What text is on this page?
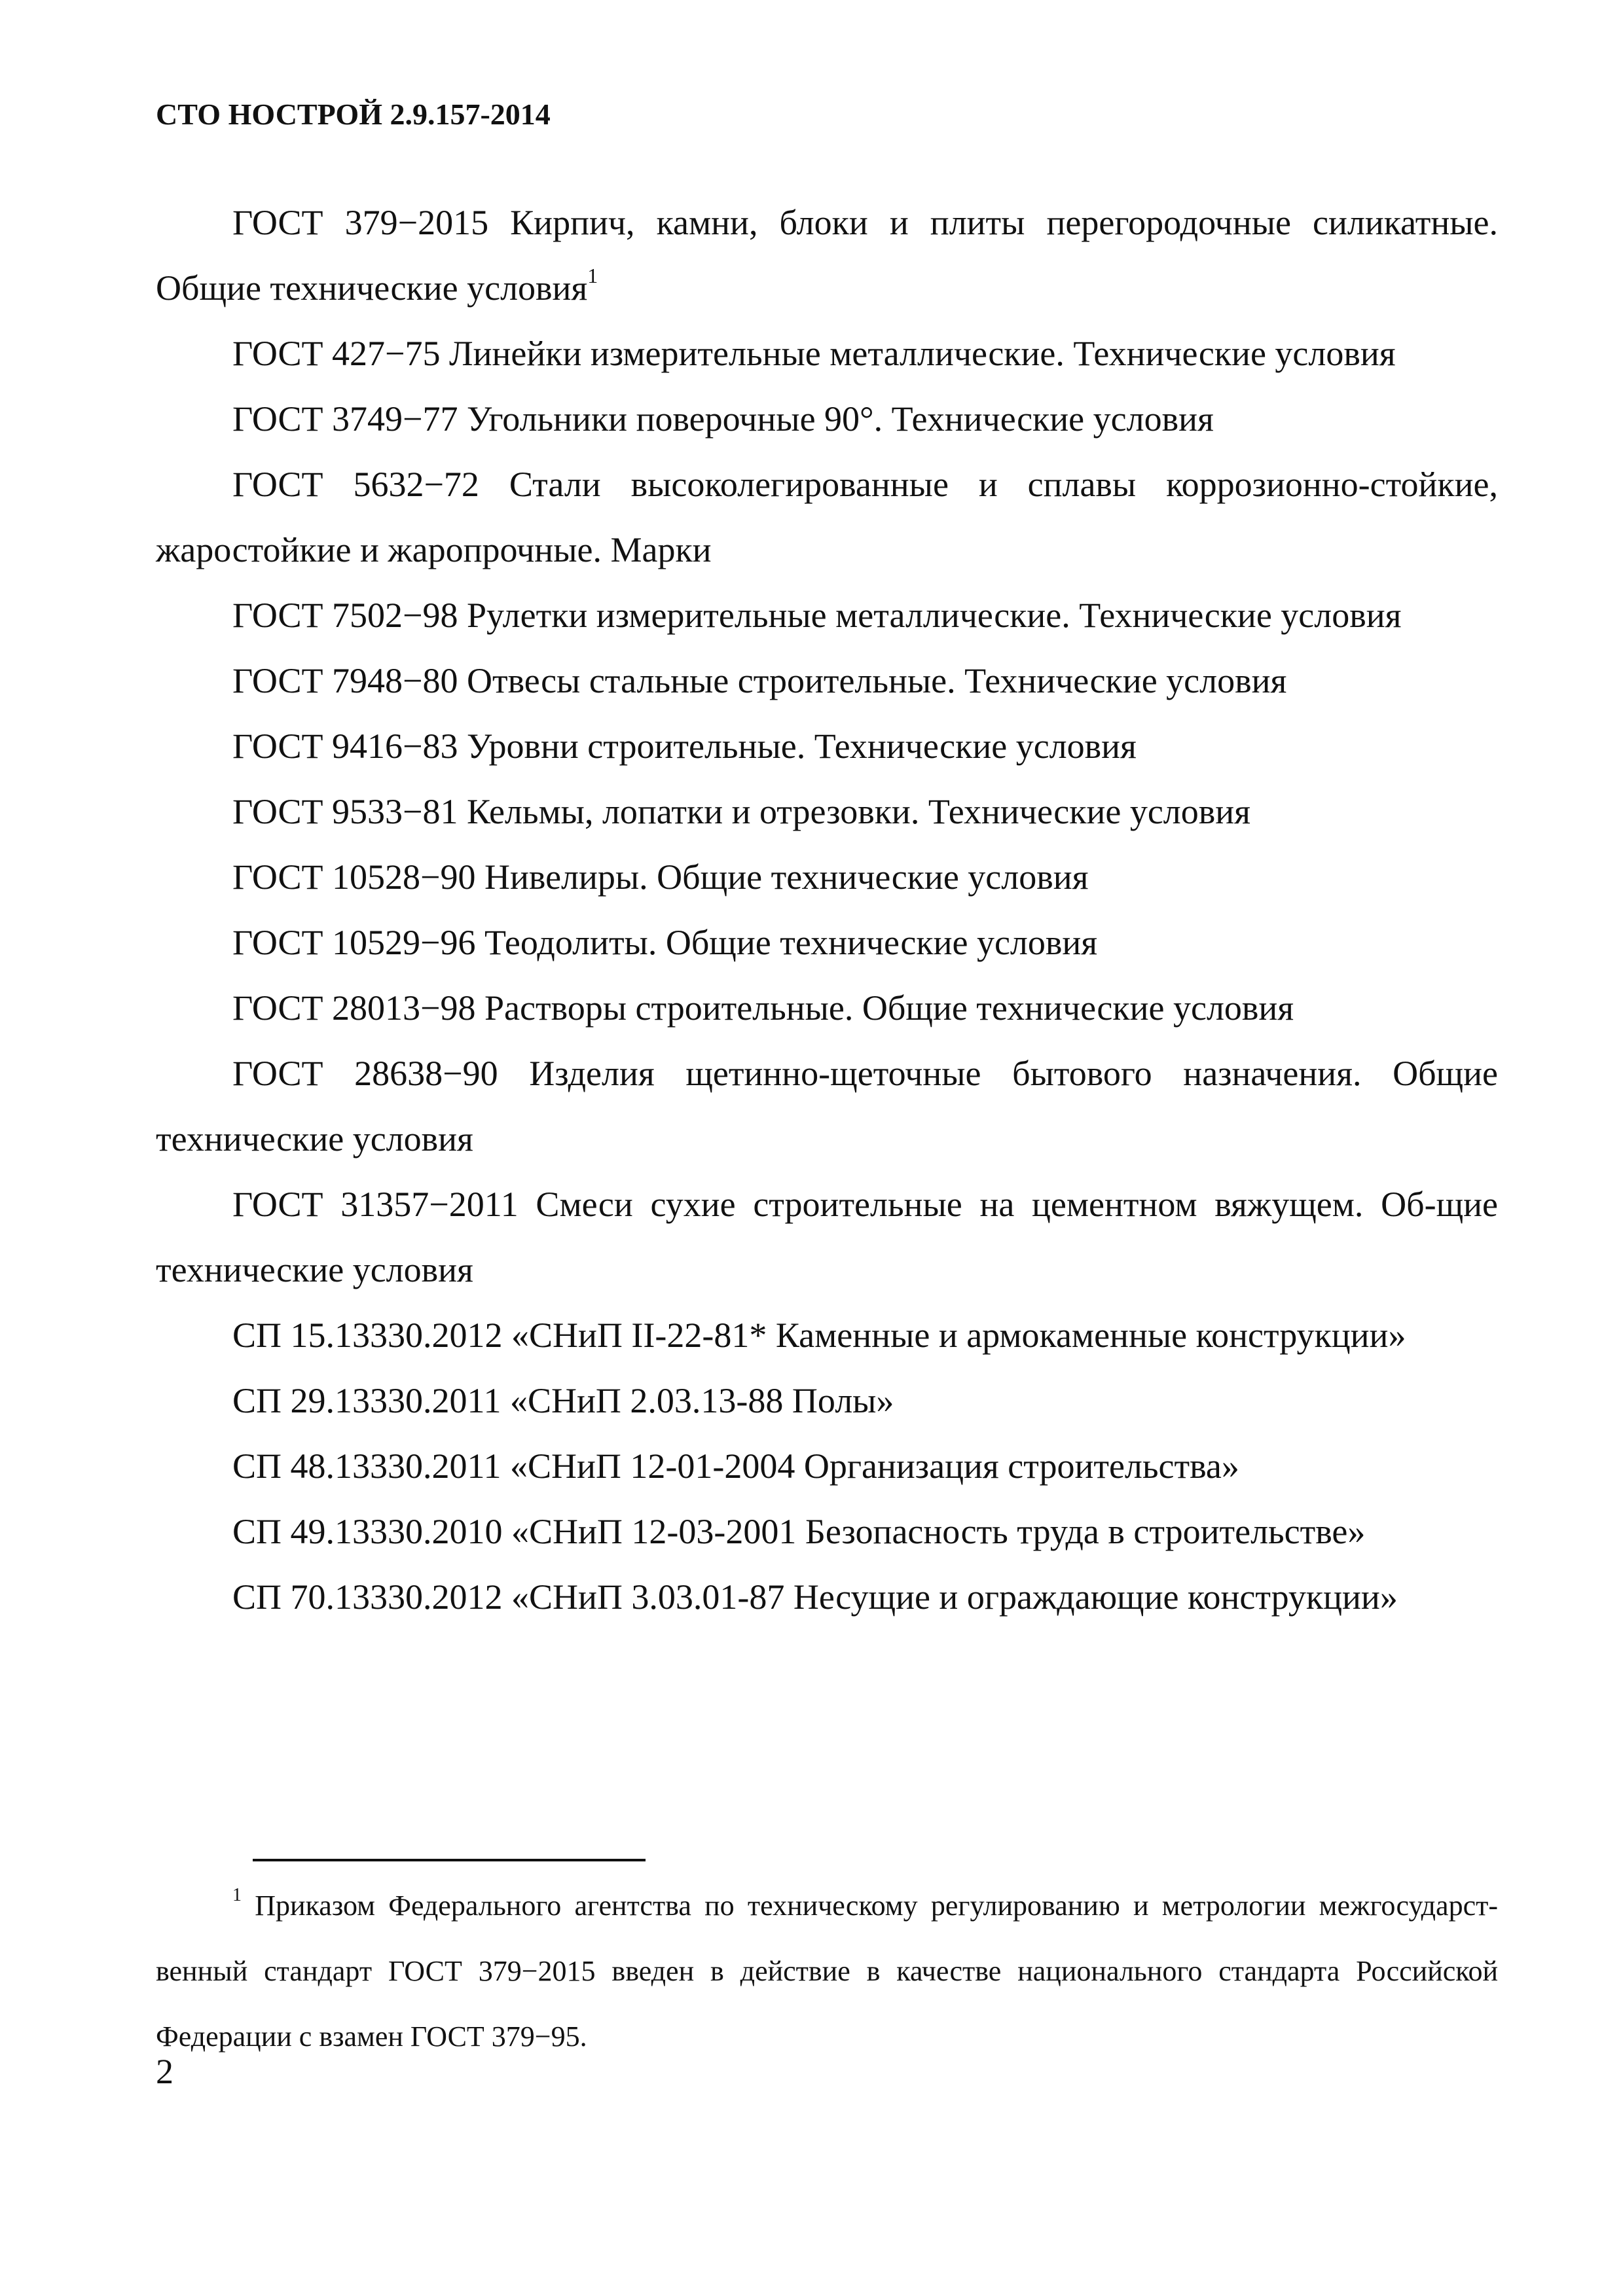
СТО НОСТРОЙ 2.9.157-2014

ГОСТ 379−2015 Кирпич, камни, блоки и плиты перегородочные силикатные. Общие технические условия$^1$

ГОСТ 427−75 Линейки измерительные металлические. Технические условия

ГОСТ 3749−77 Угольники поверочные 90°. Технические условия

ГОСТ 5632−72 Стали высоколегированные и сплавы коррозионно-стойкие, жаростойкие и жаропрочные. Марки

ГОСТ 7502−98 Рулетки измерительные металлические. Технические условия

ГОСТ 7948−80 Отвесы стальные строительные. Технические условия

ГОСТ 9416−83 Уровни строительные. Технические условия

ГОСТ 9533−81 Кельмы, лопатки и отрезовки. Технические условия

ГОСТ 10528−90 Нивелиры. Общие технические условия

ГОСТ 10529−96 Теодолиты. Общие технические условия

ГОСТ 28013−98 Растворы строительные. Общие технические условия

ГОСТ 28638−90 Изделия щетинно-щеточные бытового назначения. Общие технические условия

ГОСТ 31357−2011 Смеси сухие строительные на цементном вяжущем. Об-щие технические условия

СП 15.13330.2012 «СНиП II-22-81* Каменные и армокаменные конструкции»

СП 29.13330.2011 «СНиП 2.03.13-88 Полы»

СП 48.13330.2011 «СНиП 12-01-2004 Организация строительства»

СП 49.13330.2010 «СНиП 12-03-2001 Безопасность труда в строительстве»

СП 70.13330.2012 «СНиП 3.03.01-87 Несущие и ограждающие конструкции»

$^1$ Приказом Федерального агентства по техническому регулированию и метрологии межгосударст-венный стандарт ГОСТ 379−2015 введен в действие в качестве национального стандарта Российской Федерации с взамен ГОСТ 379−95.

2
